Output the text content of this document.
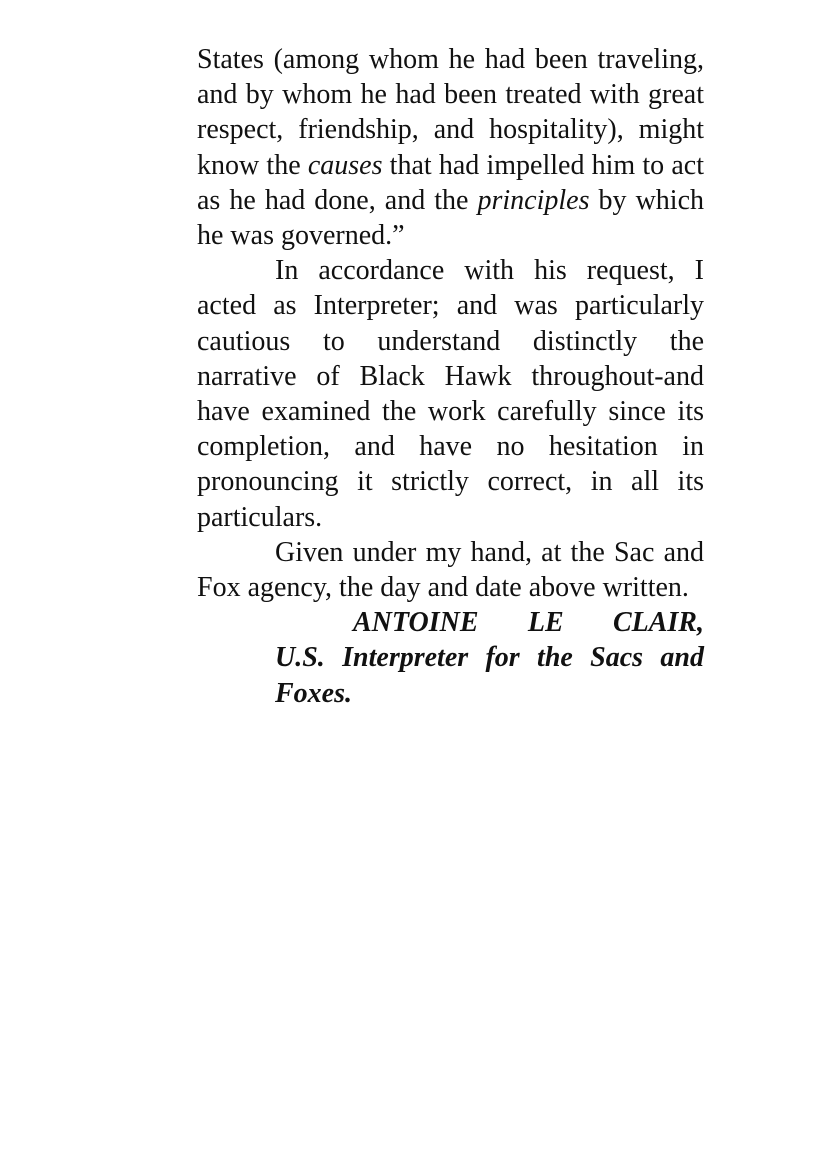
States (among whom he had been traveling, and by whom he had been treated with great respect, friendship, and hospitality), might know the causes that had impelled him to act as he had done, and the principles by which he was governed.”

In accordance with his request, I acted as Interpreter; and was particularly cautious to understand distinctly the narrative of Black Hawk throughout-and have examined the work carefully since its completion, and have no hesitation in pronouncing it strictly correct, in all its particulars.

Given under my hand, at the Sac and Fox agency, the day and date above written.

ANTOINE LE CLAIR,
U.S. Interpreter for the Sacs and Foxes.
